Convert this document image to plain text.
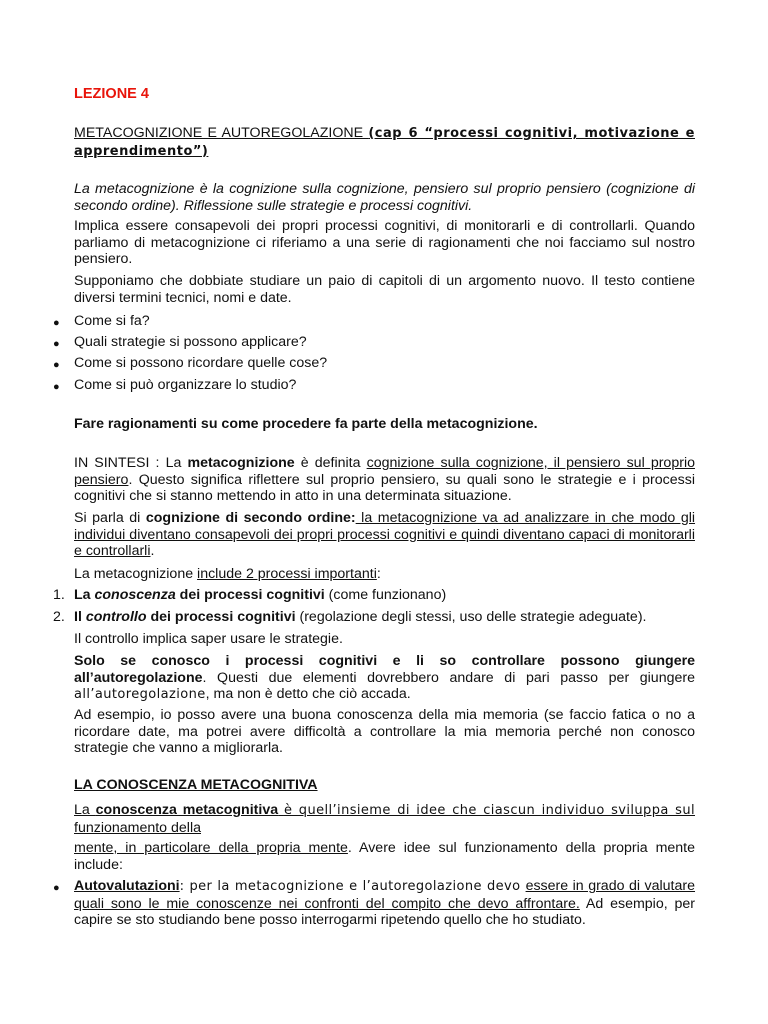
LEZIONE 4
METACOGNIZIONE E AUTOREGOLAZIONE (cap 6 “processi cognitivi, motivazione e apprendimento”)
La metacognizione è la cognizione sulla cognizione, pensiero sul proprio pensiero (cognizione di secondo ordine). Riflessione sulle strategie e processi cognitivi.
Implica essere consapevoli dei propri processi cognitivi, di monitorarli e di controllarli. Quando parliamo di metacognizione ci riferiamo a una serie di ragionamenti che noi facciamo sul nostro pensiero.
Supponiamo che dobbiate studiare un paio di capitoli di un argomento nuovo. Il testo contiene diversi termini tecnici, nomi e date.
● Come si fa?
● Quali strategie si possono applicare?
● Come si possono ricordare quelle cose?
● Come si può organizzare lo studio?
Fare ragionamenti su come procedere fa parte della metacognizione.
IN SINTESI : La metacognizione è definita cognizione sulla cognizione, il pensiero sul proprio pensiero. Questo significa riflettere sul proprio pensiero, su quali sono le strategie e i processi cognitivi che si stanno mettendo in atto in una determinata situazione.
Si parla di cognizione di secondo ordine: la metacognizione va ad analizzare in che modo gli individui diventano consapevoli dei propri processi cognitivi e quindi diventano capaci di monitorarli e controllarli.
La metacognizione include 2 processi importanti:
1. La conoscenza dei processi cognitivi (come funzionano)
2. Il controllo dei processi cognitivi (regolazione degli stessi, uso delle strategie adeguate).
Il controllo implica saper usare le strategie.
Solo se conosco i processi cognitivi e li so controllare possono giungere all’autoregolazione. Questi due elementi dovrebbero andare di pari passo per giungere all’autoregolazione, ma non è detto che ciò accada.
Ad esempio, io posso avere una buona conoscenza della mia memoria (se faccio fatica o no a ricordare date, ma potrei avere difficoltà a controllare la mia memoria perché non conosco strategie che vanno a migliorarla.
LA CONOSCENZA METACOGNITIVA
La conoscenza metacognitiva è quell’insieme di idee che ciascun individuo sviluppa sul funzionamento della
mente, in particolare della propria mente. Avere idee sul funzionamento della propria mente include:
● Autovalutazioni: per la metacognizione e l’autoregolazione devo essere in grado di valutare quali sono le mie conoscenze nei confronti del compito che devo affrontare. Ad esempio, per capire se sto studiando bene posso interrogarmi ripetendo quello che ho studiato.
